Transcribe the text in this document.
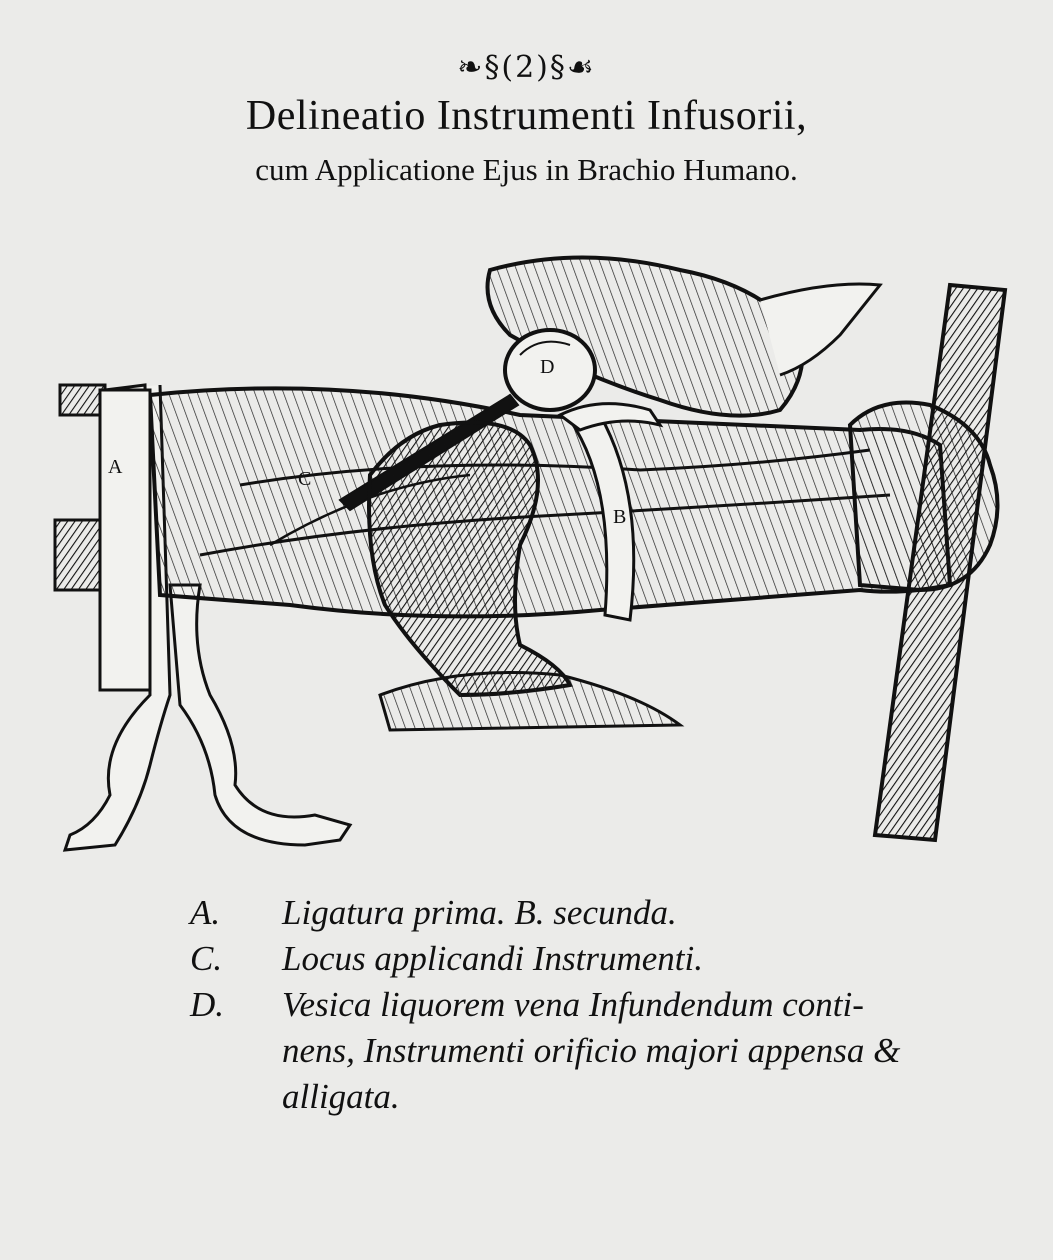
❧§(2)§☙
Delineatio Instrumenti Infusorii,
cum Applicatione Ejus in Brachio Humano.
A
B
C
D
A.	Ligatura prima. B. secunda.
C.	Locus applicandi Instrumenti.
D.	Vesica liquorem vena Infundendum conti-
nens, Instrumenti orificio majori appensa &
alligata.
